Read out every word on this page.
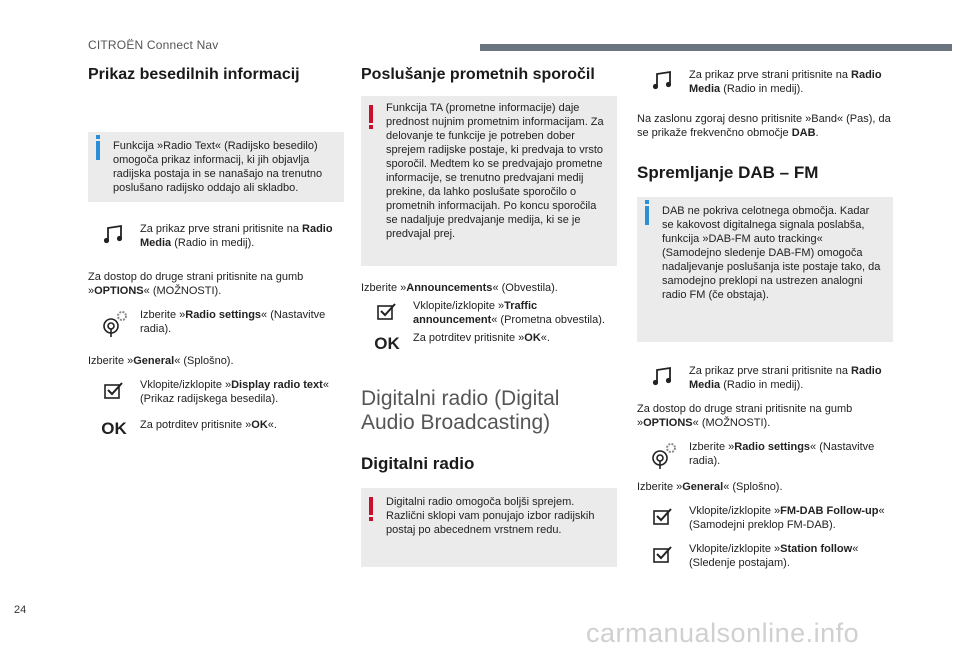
CITROËN Connect Nav
Prikaz besedilnih informacij
Funkcija »Radio Text« (Radijsko besedilo) omogoča prikaz informacij, ki jih objavlja radijska postaja in se nanašajo na trenutno poslušano radijsko oddajo ali skladbo.
Za prikaz prve strani pritisnite na Radio Media (Radio in medij).
Za dostop do druge strani pritisnite na gumb »OPTIONS« (MOŽNOSTI).
Izberite »Radio settings« (Nastavitve radia).
Izberite »General« (Splošno).
Vklopite/izklopite »Display radio text« (Prikaz radijskega besedila).
OK Za potrditev pritisnite »OK«.
Poslušanje prometnih sporočil
Funkcija TA (prometne informacije) daje prednost nujnim prometnim informacijam. Za delovanje te funkcije je potreben dober sprejem radijske postaje, ki predvaja to vrsto sporočil. Medtem ko se predvajajo prometne informacije, se trenutno predvajani medij prekine, da lahko poslušate sporočilo o prometnih informacijah. Po koncu sporočila se nadaljuje predvajanje medija, ki se je predvajal prej.
Izberite »Announcements« (Obvestila).
Vklopite/izklopite »Traffic announcement« (Prometna obvestila).
OK Za potrditev pritisnite »OK«.
Digitalni radio (Digital Audio Broadcasting)
Digitalni radio
Digitalni radio omogoča boljši sprejem. Različni sklopi vam ponujajo izbor radijskih postaj po abecednem vrstnem redu.
Za prikaz prve strani pritisnite na Radio Media (Radio in medij).
Na zaslonu zgoraj desno pritisnite »Band« (Pas), da se prikaže frekvenčno območje DAB.
Spremljanje DAB – FM
DAB ne pokriva celotnega območja. Kadar se kakovost digitalnega signala poslabša, funkcija »DAB-FM auto tracking« (Samodejno sledenje DAB-FM) omogoča nadaljevanje poslušanja iste postaje tako, da samodejno preklopi na ustrezen analogni radio FM (če obstaja).
Za prikaz prve strani pritisnite na Radio Media (Radio in medij).
Za dostop do druge strani pritisnite na gumb »OPTIONS« (MOŽNOSTI).
Izberite »Radio settings« (Nastavitve radia).
Izberite »General« (Splošno).
Vklopite/izklopite »FM-DAB Follow-up« (Samodejni preklop FM-DAB).
Vklopite/izklopite »Station follow« (Sledenje postajam).
24
carmanualsonline.info
